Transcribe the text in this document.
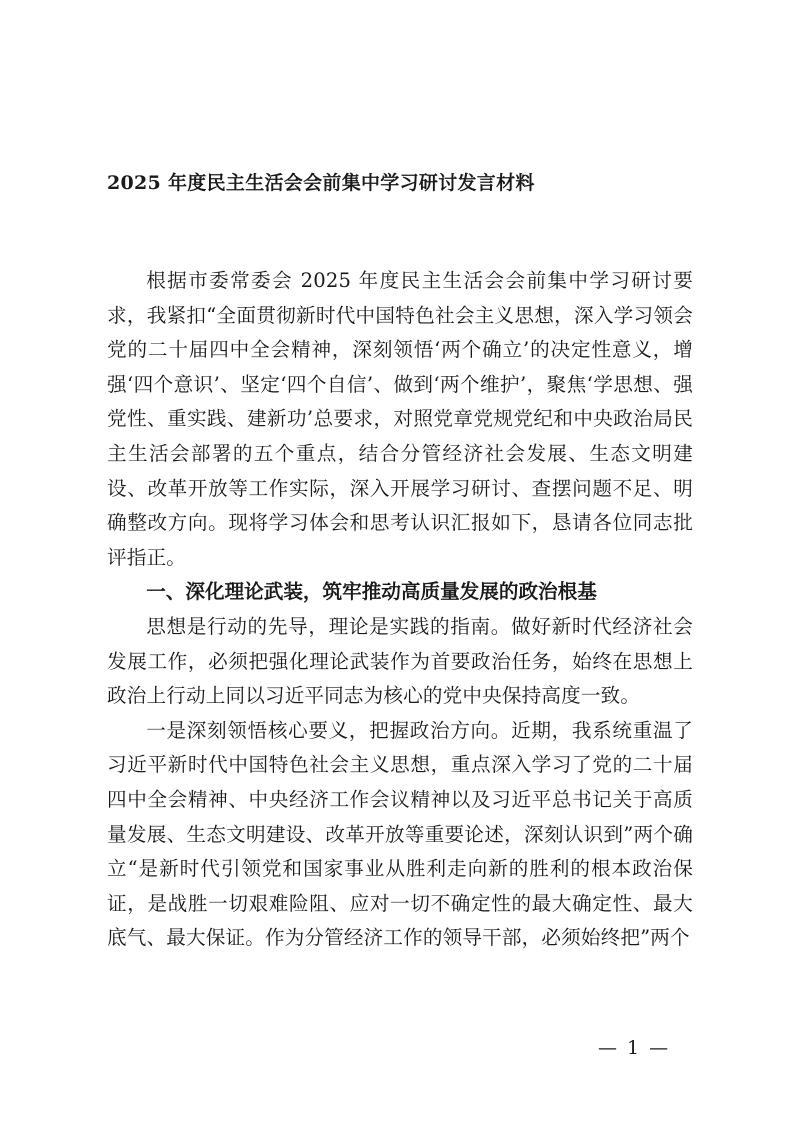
2025 年度民主生活会会前集中学习研讨发言材料

根据市委常委会 2025 年度民主生活会会前集中学习研讨要求，我紧扣“全面贯彻新时代中国特色社会主义思想，深入学习领会党的二十届四中全会精神，深刻领悟‘两个确立’的决定性意义，增强‘四个意识’、坚定‘四个自信’、做到‘两个维护’，聚焦‘学思想、强党性、重实践、建新功’总要求，对照党章党规党纪和中央政治局民主生活会部署的五个重点，结合分管经济社会发展、生态文明建设、改革开放等工作实际，深入开展学习研讨、查摆问题不足、明确整改方向。现将学习体会和思考认识汇报如下，恳请各位同志批评指正。

一、深化理论武装，筑牢推动高质量发展的政治根基

思想是行动的先导，理论是实践的指南。做好新时代经济社会发展工作，必须把强化理论武装作为首要政治任务，始终在思想上政治上行动上同以习近平同志为核心的党中央保持高度一致。

一是深刻领悟核心要义，把握政治方向。近期，我系统重温了习近平新时代中国特色社会主义思想，重点深入学习了党的二十届四中全会精神、中央经济工作会议精神以及习近平总书记关于高质量发展、生态文明建设、改革开放等重要论述，深刻认识到”两个确立“是新时代引领党和国家事业从胜利走向新的胜利的根本政治保证，是战胜一切艰难险阻、应对一切不确定性的最大确定性、最大底气、最大保证。作为分管经济工作的领导干部，必须始终把”两个

— 1 —
